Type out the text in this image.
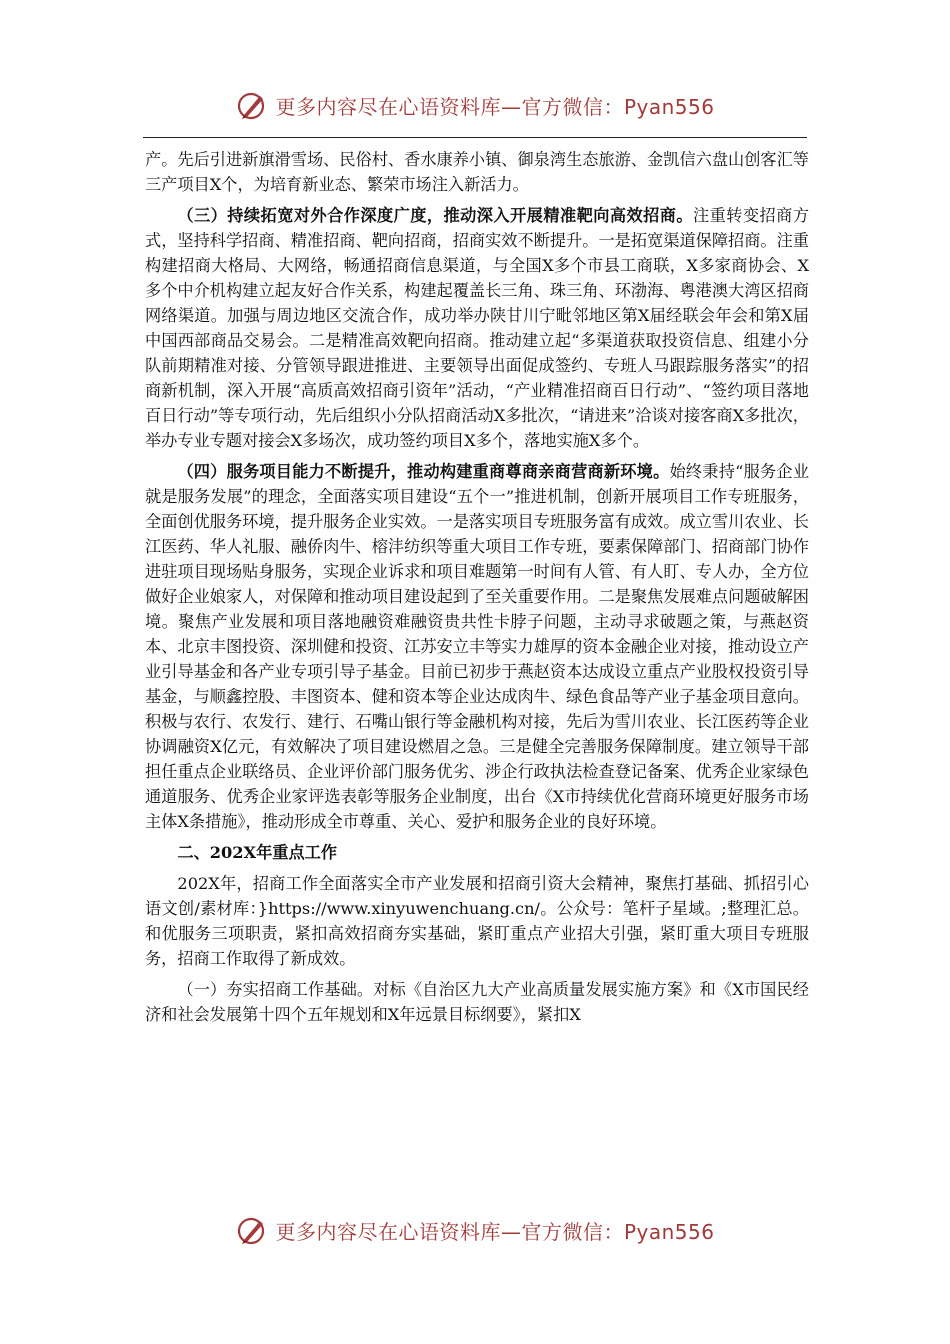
更多内容尽在心语资料库—官方微信：Pyan556

产。先后引进新旗滑雪场、民俗村、香水康养小镇、御泉湾生态旅游、金凯信六盘山创客汇等三产项目X个，为培育新业态、繁荣市场注入新活力。

（三）持续拓宽对外合作深度广度，推动深入开展精准靶向高效招商。注重转变招商方式，坚持科学招商、精准招商、靶向招商，招商实效不断提升。一是拓宽渠道保障招商。注重构建招商大格局、大网络，畅通招商信息渠道，与全国X多个市县工商联，X多家商协会、X多个中介机构建立起友好合作关系，构建起覆盖长三角、珠三角、环渤海、粤港澳大湾区招商网络渠道。加强与周边地区交流合作，成功举办陕甘川宁毗邻地区第X届经联会年会和第X届中国西部商品交易会。二是精准高效靶向招商。推动建立起“多渠道获取投资信息、组建小分队前期精准对接、分管领导跟进推进、主要领导出面促成签约、专班人马跟踪服务落实”的招商新机制，深入开展“高质高效招商引资年”活动，“产业精准招商百日行动”、“签约项目落地百日行动”等专项行动，先后组织小分队招商活动X多批次，“请进来”洽谈对接客商X多批次，举办专业专题对接会X多场次，成功签约项目X多个，落地实施X多个。

（四）服务项目能力不断提升，推动构建重商尊商亲商营商新环境。始终秉持“服务企业就是服务发展”的理念，全面落实项目建设“五个一”推进机制，创新开展项目工作专班服务，全面创优服务环境，提升服务企业实效。一是落实项目专班服务富有成效。成立雪川农业、长江医药、华人礼服、融侨肉牛、榕沣纺织等重大项目工作专班，要素保障部门、招商部门协作进驻项目现场贴身服务，实现企业诉求和项目难题第一时间有人管、有人盯、专人办，全方位做好企业娘家人，对保障和推动项目建设起到了至关重要作用。二是聚焦发展难点问题破解困境。聚焦产业发展和项目落地融资难融资贵共性卡脖子问题，主动寻求破题之策，与燕赵资本、北京丰图投资、深圳健和投资、江苏安立丰等实力雄厚的资本金融企业对接，推动设立产业引导基金和各产业专项引导子基金。目前已初步于燕赵资本达成设立重点产业股权投资引导基金，与顺鑫控股、丰图资本、健和资本等企业达成肉牛、绿色食品等产业子基金项目意向。积极与农行、农发行、建行、石嘴山银行等金融机构对接，先后为雪川农业、长江医药等企业协调融资X亿元，有效解决了项目建设燃眉之急。三是健全完善服务保障制度。建立领导干部担任重点企业联络员、企业评价部门服务优劣、涉企行政执法检查登记备案、优秀企业家绿色通道服务、优秀企业家评选表彰等服务企业制度，出台《X市持续优化营商环境更好服务市场主体X条措施》，推动形成全市尊重、关心、爱护和服务企业的良好环境。

二、202X年重点工作

202X年，招商工作全面落实全市产业发展和招商引资大会精神，聚焦打基础、抓招引心语文创/素材库：}https://www.xinyuwenchuang.cn/。公众号：笔杆子星域。;整理汇总。和优服务三项职责，紧扣高效招商夯实基础，紧盯重点产业招大引强，紧盯重大项目专班服务，招商工作取得了新成效。

（一）夯实招商工作基础。对标《自治区九大产业高质量发展实施方案》和《X市国民经济和社会发展第十四个五年规划和X年远景目标纲要》，紧扣X

更多内容尽在心语资料库—官方微信：Pyan556
